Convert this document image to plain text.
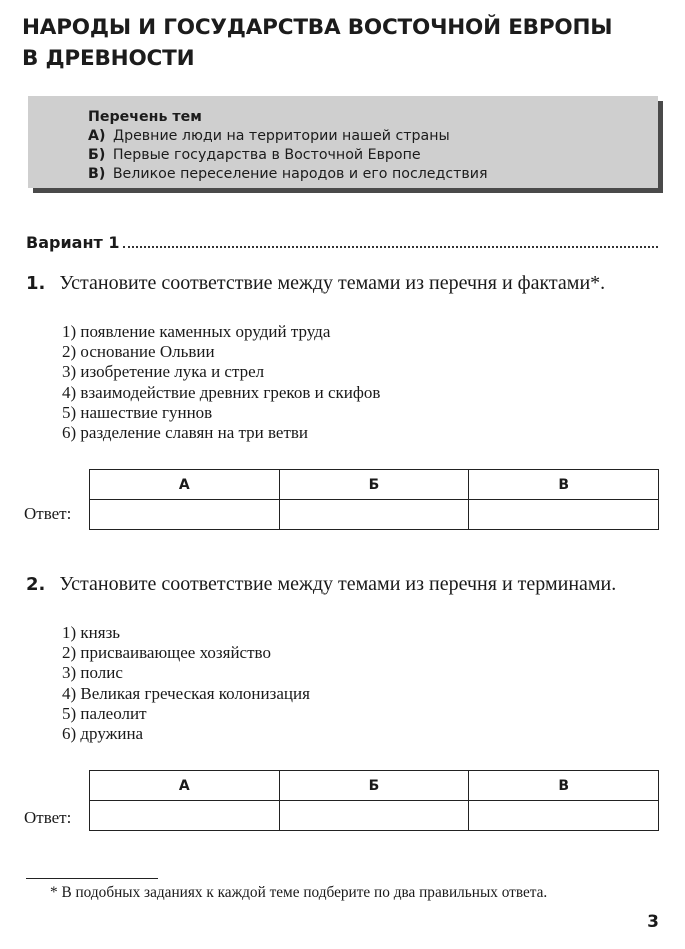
НАРОДЫ И ГОСУДАРСТВА ВОСТОЧНОЙ ЕВРОПЫ
В ДРЕВНОСТИ
Перечень тем
А) Древние люди на территории нашей страны
Б) Первые государства в Восточной Европе
В) Великое переселение народов и его последствия
Вариант 1
1. Установите соответствие между темами из перечня и фактами*.
1) появление каменных орудий труда
2) основание Ольвии
3) изобретение лука и стрел
4) взаимодействие древних греков и скифов
5) нашествие гуннов
6) разделение славян на три ветви
Ответ:
А	Б	В

2. Установите соответствие между темами из перечня и терминами.
1) князь
2) присваивающее хозяйство
3) полис
4) Великая греческая колонизация
5) палеолит
6) дружина
Ответ:
А	Б	В

* В подобных заданиях к каждой теме подберите по два правильных ответа.
3
